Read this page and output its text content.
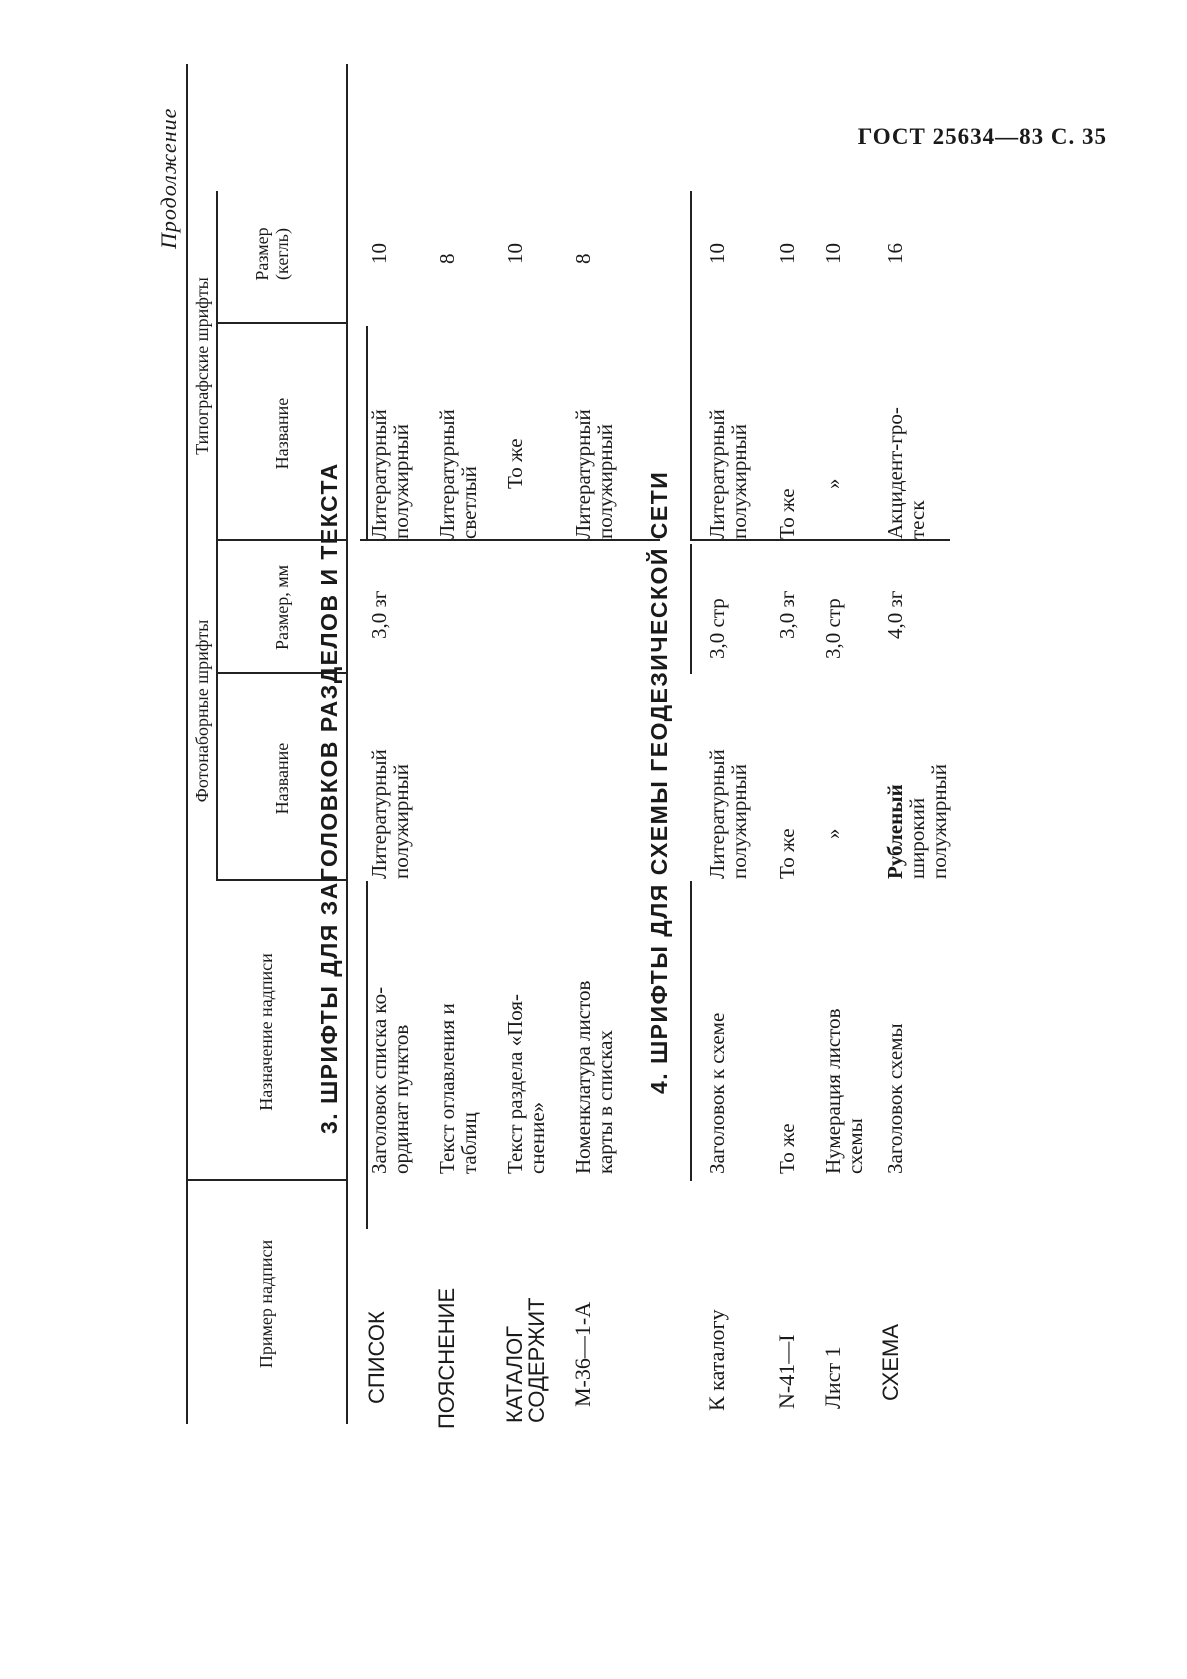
ГОСТ 25634—83 С. 35
Продолжение
Пример надписи
Назначение надписи
Фотонаборные шрифты	Название
Размер, мм
Типографские шрифты	Название
Размер (кегль)
3. ШРИФТЫ ДЛЯ ЗАГОЛОВКОВ РАЗДЕЛОВ И ТЕКСТА
СПИСОК
Заголовок списка ко-
ординат пунктов
Литературный
полужирный
3,0 зг
Литературный
полужирный
10
ПОЯСНЕНИЕ
Текст оглавления и
таблиц
Литературный
светлый
8
КАТАЛОГ
СОДЕРЖИТ
Текст раздела «Поя-
снение»
То же
10
М-36—1-А
Номенклатура листов
карты в списках
Литературный
полужирный
8
4. ШРИФТЫ ДЛЯ СХЕМЫ ГЕОДЕЗИЧЕСКОЙ СЕТИ
К каталогу
Заголовок к схеме
Литературный
полужирный
3,0 стр
Литературный
полужирный
10
N-41—I
То же
То же
3,0 зг
То же
10
Лист 1
Нумерация листов
схемы
»
3,0 стр
»
10
СХЕМА
Заголовок схемы
Рубленый
широкий
полужирный
4,0 зг
Акцидент-гро-
теск
16
